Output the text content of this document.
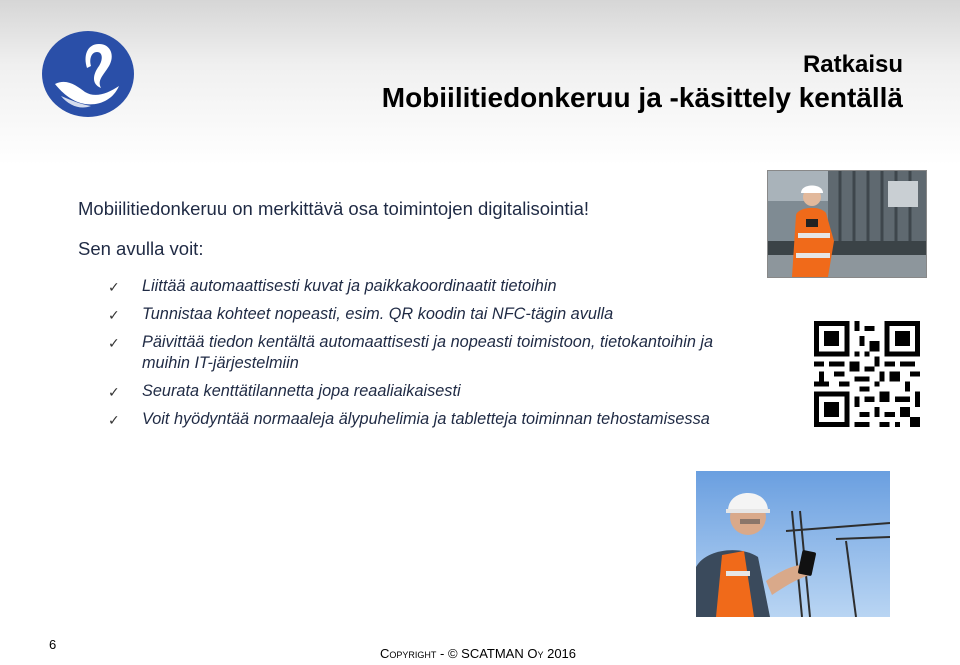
Ratkaisu
Mobiilitiedonkeruu ja -käsittely kentällä
Mobiilitiedonkeruu on merkittävä osa toimintojen digitalisointia!
Sen avulla voit:
✓ Liittää automaattisesti kuvat ja paikkakoordinaatit tietoihin
✓ Tunnistaa kohteet nopeasti, esim. QR koodin tai NFC-tägin avulla
✓ Päivittää tiedon kentältä automaattisesti ja nopeasti toimistoon, tietokantoihin ja muihin IT-järjestelmiin
✓ Seurata kenttätilannetta jopa reaaliaikaisesti
✓ Voit hyödyntää normaaleja älypuhelimia ja tabletteja toiminnan tehostamisessa
6
Copyright - © SCATMAN Oy 2016
